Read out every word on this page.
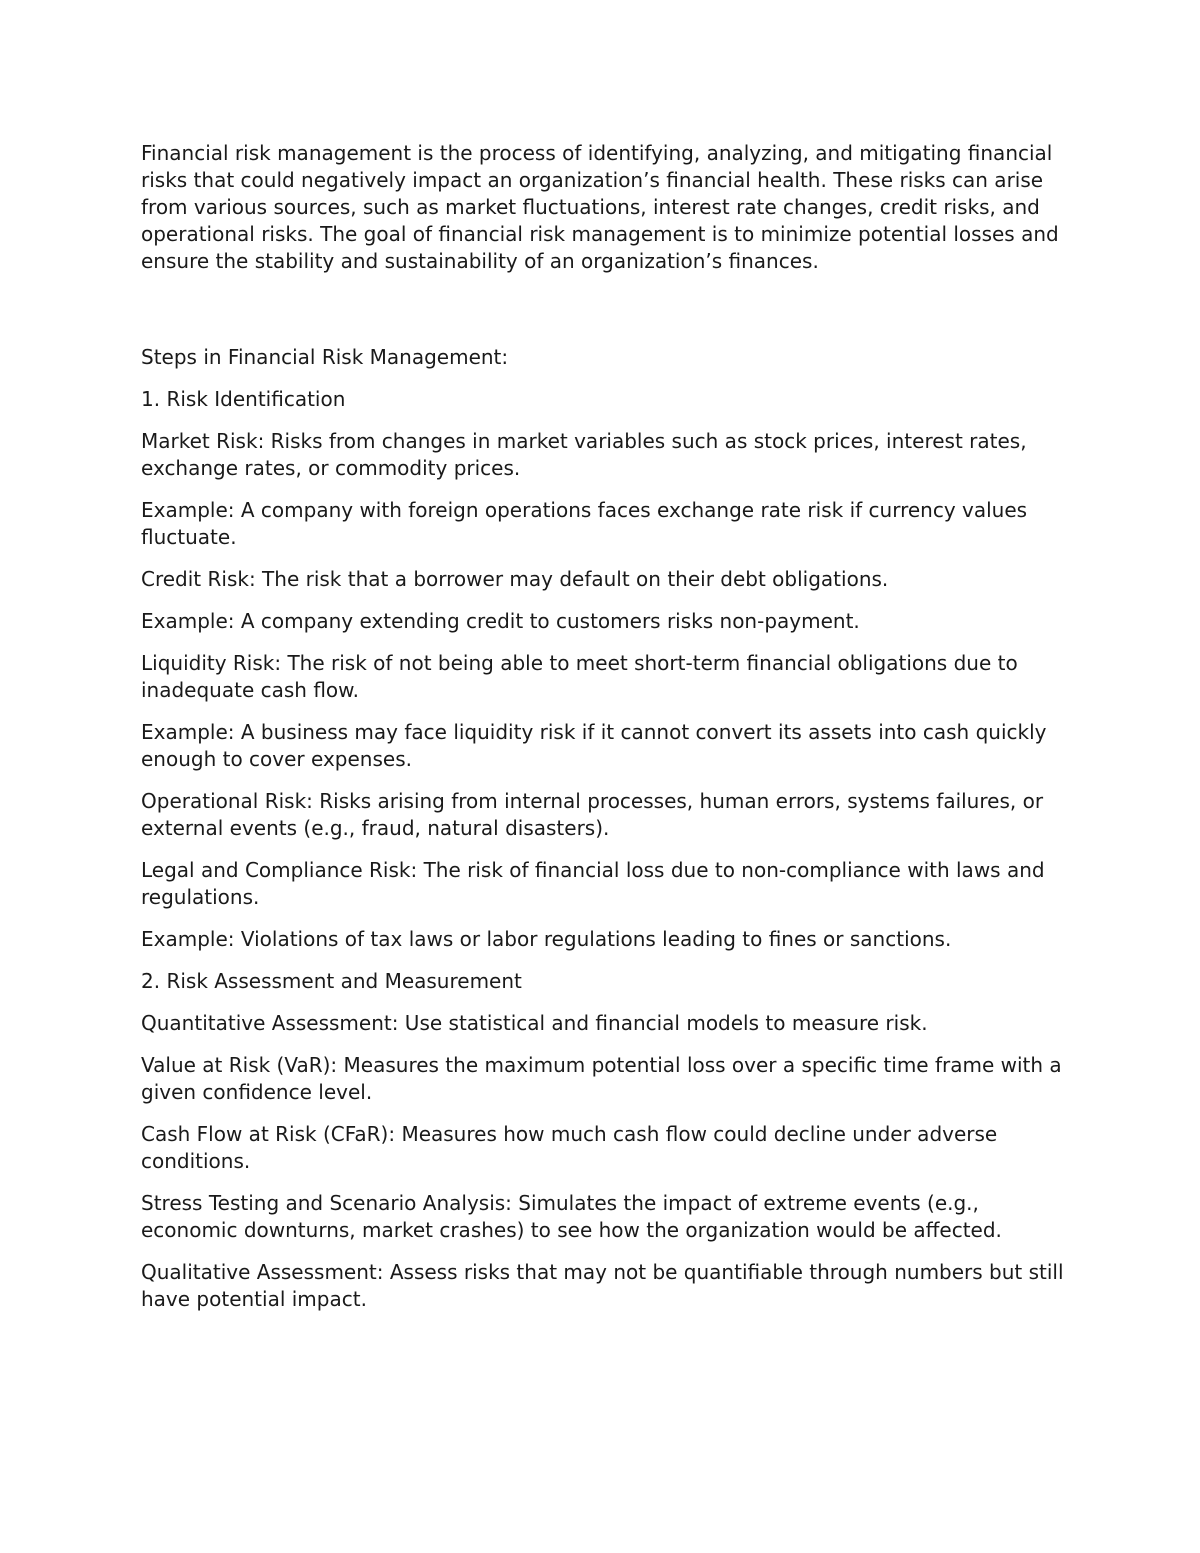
Financial risk management is the process of identifying, analyzing, and mitigating financial risks that could negatively impact an organization’s financial health. These risks can arise from various sources, such as market fluctuations, interest rate changes, credit risks, and operational risks. The goal of financial risk management is to minimize potential losses and ensure the stability and sustainability of an organization’s finances.

Steps in Financial Risk Management:

1. Risk Identification

Market Risk: Risks from changes in market variables such as stock prices, interest rates, exchange rates, or commodity prices.

Example: A company with foreign operations faces exchange rate risk if currency values fluctuate.

Credit Risk: The risk that a borrower may default on their debt obligations.

Example: A company extending credit to customers risks non-payment.

Liquidity Risk: The risk of not being able to meet short-term financial obligations due to inadequate cash flow.

Example: A business may face liquidity risk if it cannot convert its assets into cash quickly enough to cover expenses.

Operational Risk: Risks arising from internal processes, human errors, systems failures, or external events (e.g., fraud, natural disasters).

Legal and Compliance Risk: The risk of financial loss due to non-compliance with laws and regulations.

Example: Violations of tax laws or labor regulations leading to fines or sanctions.

2. Risk Assessment and Measurement

Quantitative Assessment: Use statistical and financial models to measure risk.

Value at Risk (VaR): Measures the maximum potential loss over a specific time frame with a given confidence level.

Cash Flow at Risk (CFaR): Measures how much cash flow could decline under adverse conditions.

Stress Testing and Scenario Analysis: Simulates the impact of extreme events (e.g., economic downturns, market crashes) to see how the organization would be affected.

Qualitative Assessment: Assess risks that may not be quantifiable through numbers but still have potential impact.
